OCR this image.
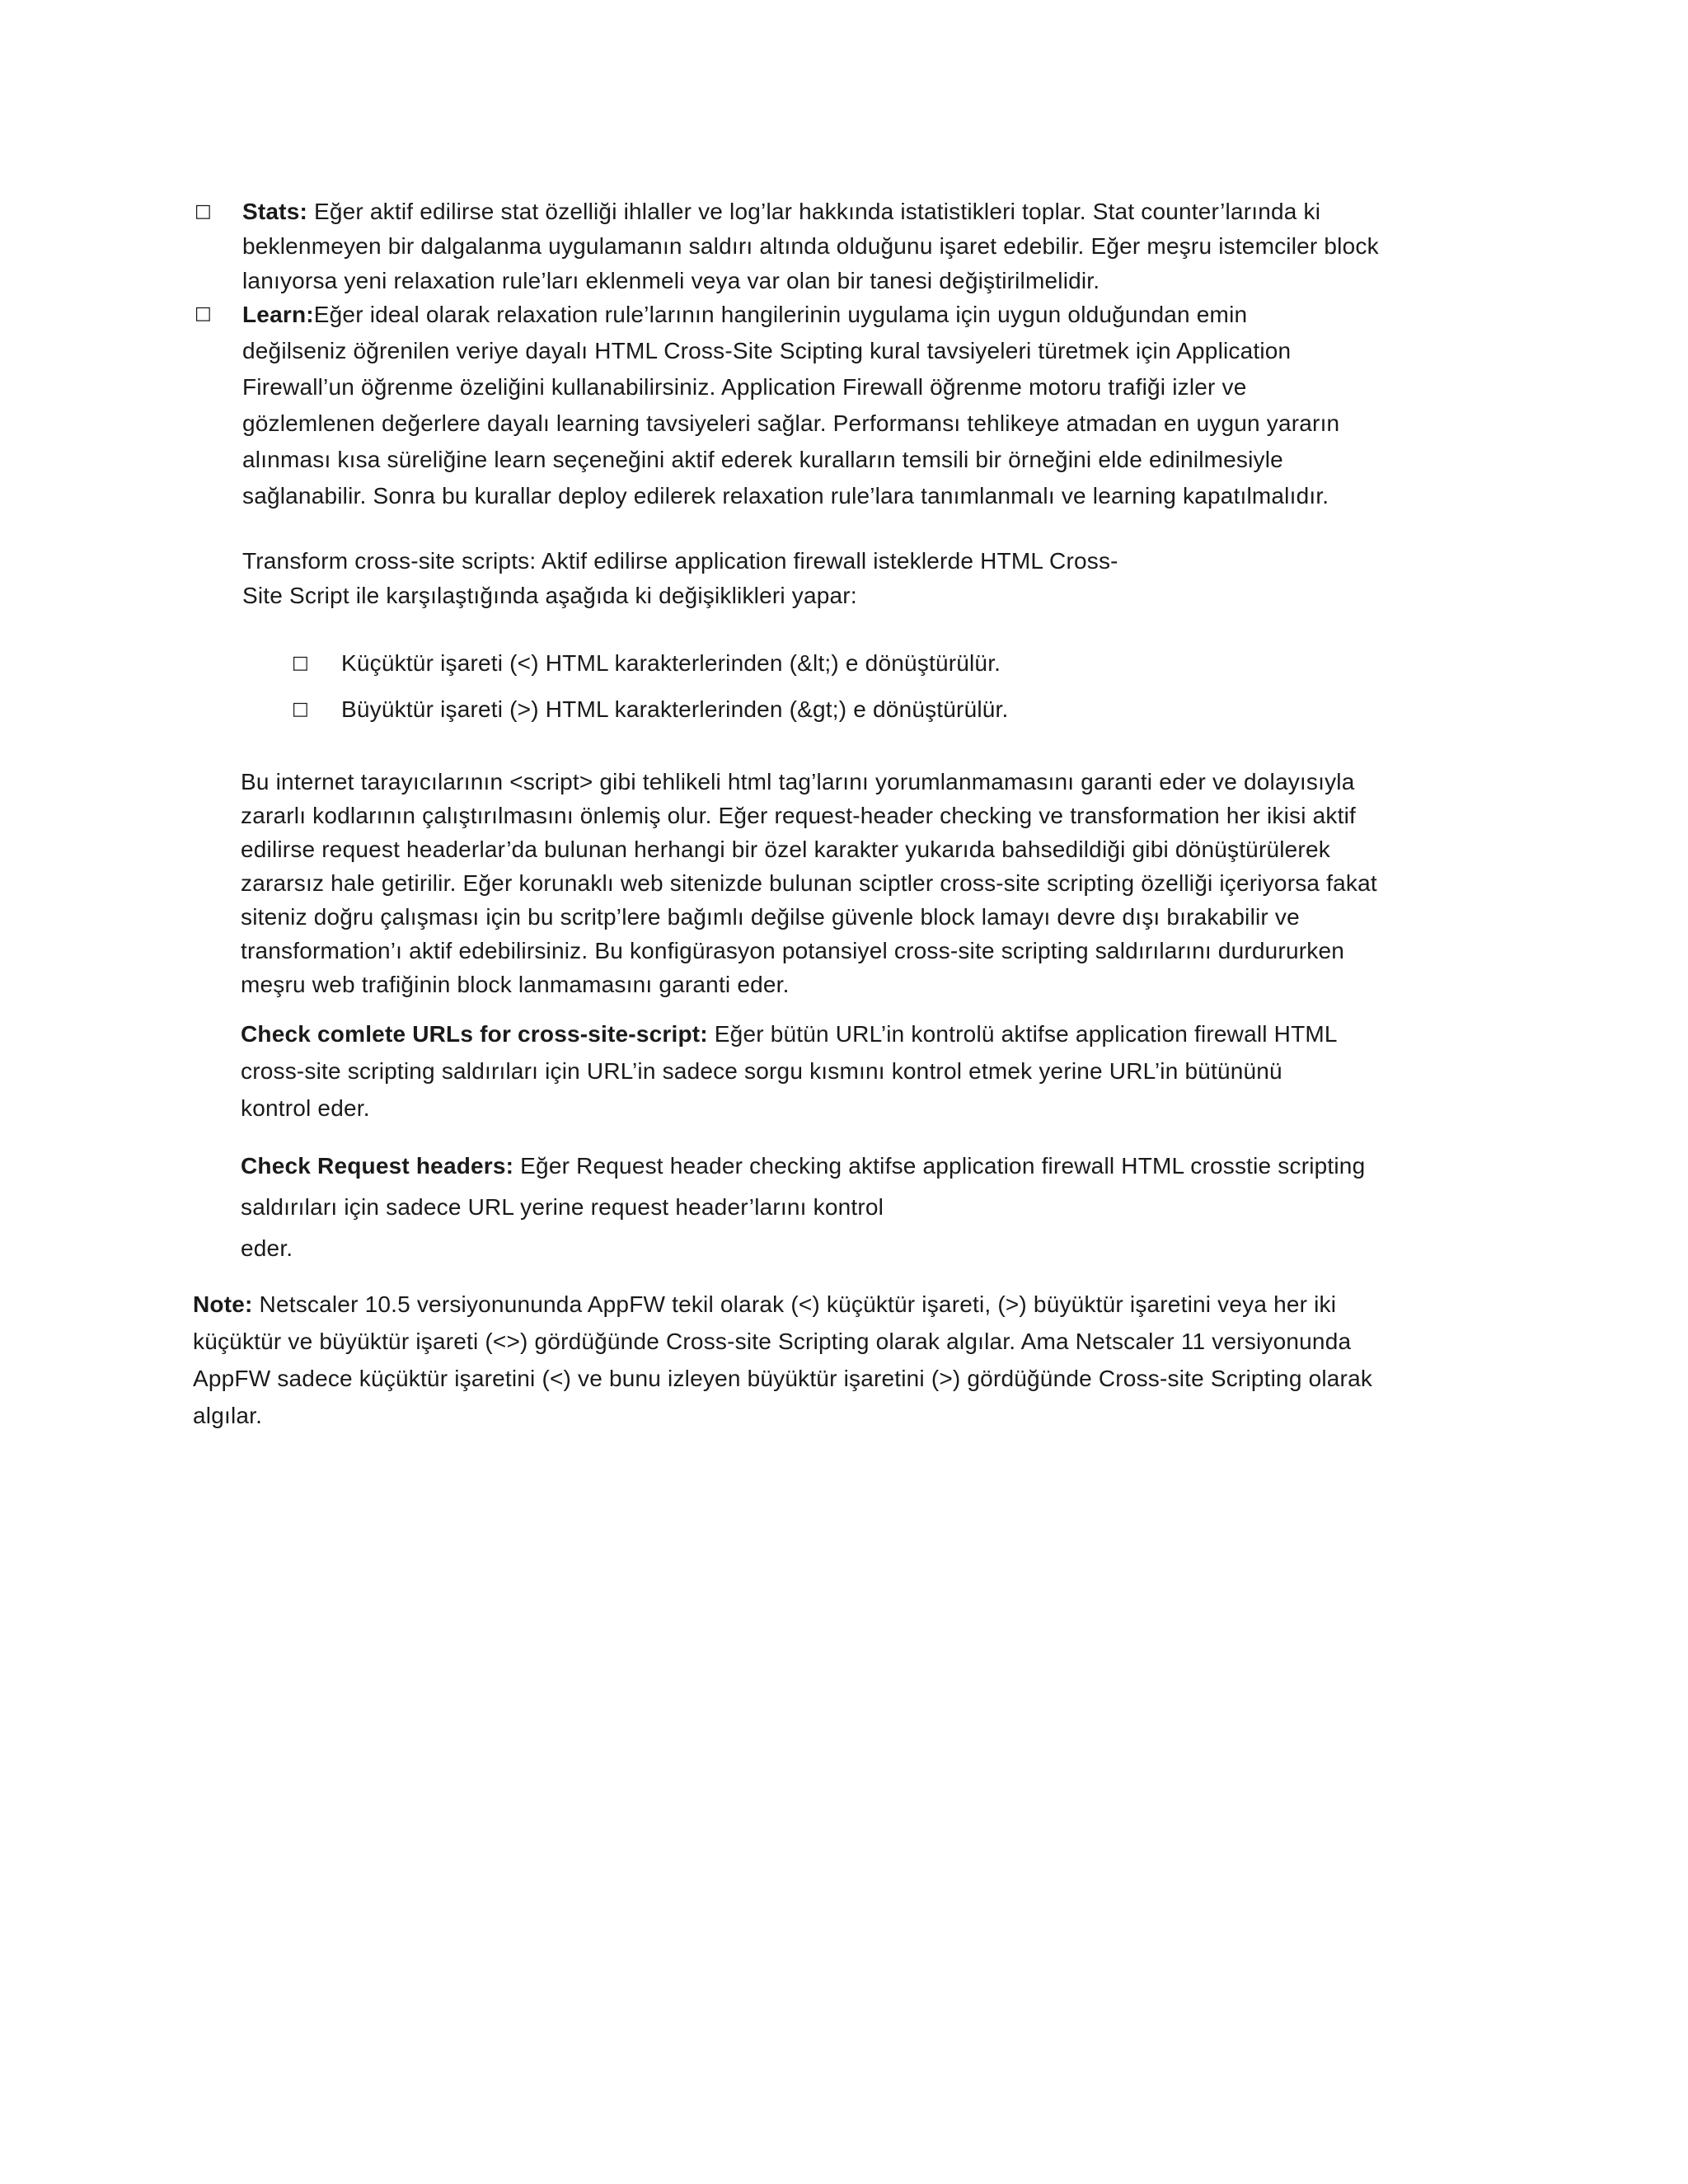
□ Stats: Eğer aktif edilirse stat özelliği ihlaller ve log’lar hakkında istatistikleri toplar. Stat counter’larında ki
beklenmeyen bir dalgalanma uygulamanın saldırı altında olduğunu işaret edebilir. Eğer meşru istemciler block
lanıyorsa yeni relaxation rule’ları eklenmeli veya var olan bir tanesi değiştirilmelidir.
□ Learn:Eğer ideal olarak relaxation rule’larının hangilerinin uygulama için uygun olduğundan emin
değilseniz öğrenilen veriye dayalı HTML Cross-Site Scipting kural tavsiyeleri türetmek için Application
Firewall’un öğrenme özeliğini kullanabilirsiniz. Application Firewall öğrenme motoru trafiği izler ve
gözlemlenen değerlere dayalı learning tavsiyeleri sağlar. Performansı tehlikeye atmadan en uygun yararın
alınması kısa süreliğine learn seçeneğini aktif ederek kuralların temsili bir örneğini elde edinilmesiyle
sağlanabilir. Sonra bu kurallar deploy edilerek relaxation rule’lara tanımlanmalı ve learning kapatılmalıdır.
Transform cross-site scripts: Aktif edilirse application firewall isteklerde HTML Cross-
Site Script ile karşılaştığında aşağıda ki değişiklikleri yapar:
□ Küçüktür işareti (<) HTML karakterlerinden (&lt;) e dönüştürülür.
□ Büyüktür işareti (>) HTML karakterlerinden (&gt;) e dönüştürülür.
Bu internet tarayıcılarının <script> gibi tehlikeli html tag’larını yorumlanmamasını garanti eder ve dolayısıyla
zararlı kodlarının çalıştırılmasını önlemiş olur. Eğer request-header checking ve transformation her ikisi aktif
edilirse request headerlar’da bulunan herhangi bir özel karakter yukarıda bahsedildiği gibi dönüştürülerek
zararsız hale getirilir. Eğer korunaklı web sitenizde bulunan sciptler cross-site scripting özelliği içeriyorsa fakat
siteniz doğru çalışması için bu scritp’lere bağımlı değilse güvenle block lamayı devre dışı bırakabilir ve
transformation’ı aktif edebilirsiniz. Bu konfigürasyon potansiyel cross-site scripting saldırılarını durdururken
meşru web trafiğinin block lanmamasını garanti eder.
Check comlete URLs for cross-site-script: Eğer bütün URL’in kontrolü aktifse application firewall HTML
cross-site scripting saldırıları için URL’in sadece sorgu kısmını kontrol etmek yerine URL’in bütününü
kontrol eder.
Check Request headers: Eğer Request header checking aktifse application firewall HTML crosstie scripting
saldırıları için sadece URL yerine request header’larını kontrol
eder.
Note: Netscaler 10.5 versiyonununda AppFW tekil olarak (<) küçüktür işareti, (>) büyüktür işaretini veya her iki
küçüktür ve büyüktür işareti (<>) gördüğünde Cross-site Scripting olarak algılar. Ama Netscaler 11 versiyonunda
AppFW sadece küçüktür işaretini (<) ve bunu izleyen büyüktür işaretini (>) gördüğünde Cross-site Scripting olarak
algılar.
